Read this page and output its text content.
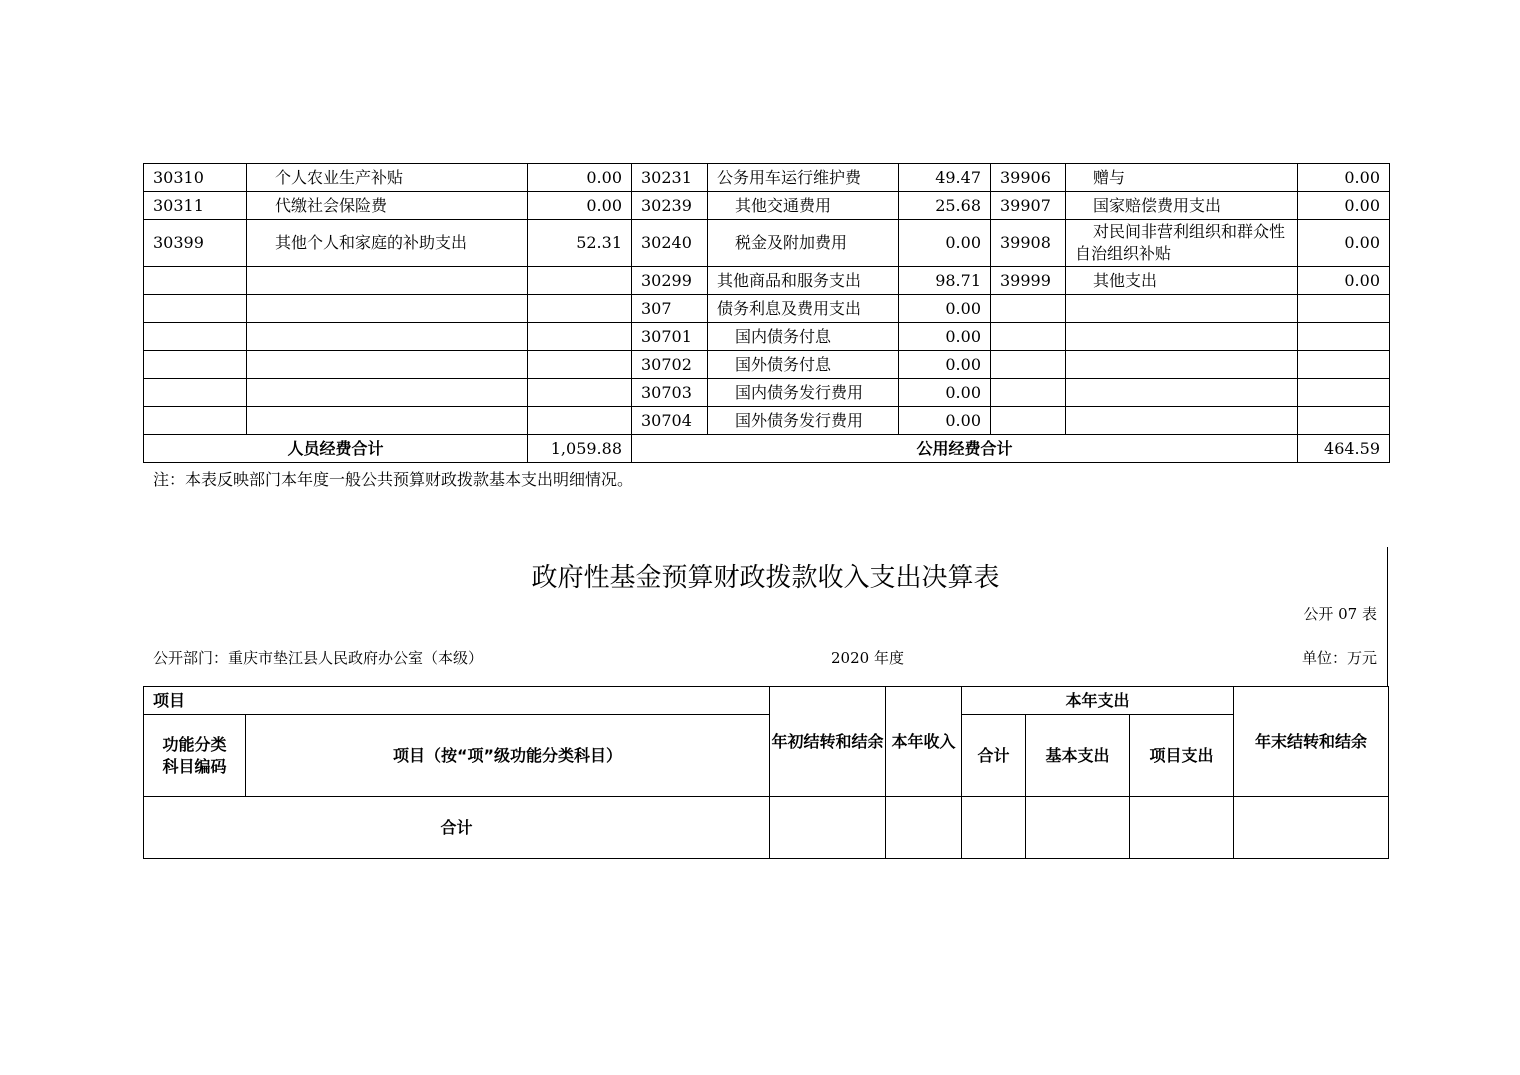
30310	个人农业生产补贴	0.00	30231	公务用车运行维护费	49.47	39906	赠与	0.00
30311	代缴社会保险费	0.00	30239	其他交通费用	25.68	39907	国家赔偿费用支出	0.00
30399	其他个人和家庭的补助支出	52.31	30240	税金及附加费用	0.00	39908	对民间非营利组织和群众性自治组织补贴	0.00
			30299	其他商品和服务支出	98.71	39999	其他支出	0.00
			307	债务利息及费用支出	0.00			
			30701	国内债务付息	0.00			
			30702	国外债务付息	0.00			
			30703	国内债务发行费用	0.00			
			30704	国外债务发行费用	0.00			
人员经费合计		1,059.88	公用经费合计					464.59
注：本表反映部门本年度一般公共预算财政拨款基本支出明细情况。
政府性基金预算财政拨款收入支出决算表
公开 07 表
公开部门：重庆市垫江县人民政府办公室（本级）	2020 年度	单位：万元
项目		年初结转和结余	本年收入	本年支出			年末结转和结余
功能分类科目编码	项目（按“项”级功能分类科目）			合计	基本支出	项目支出	
合计							
